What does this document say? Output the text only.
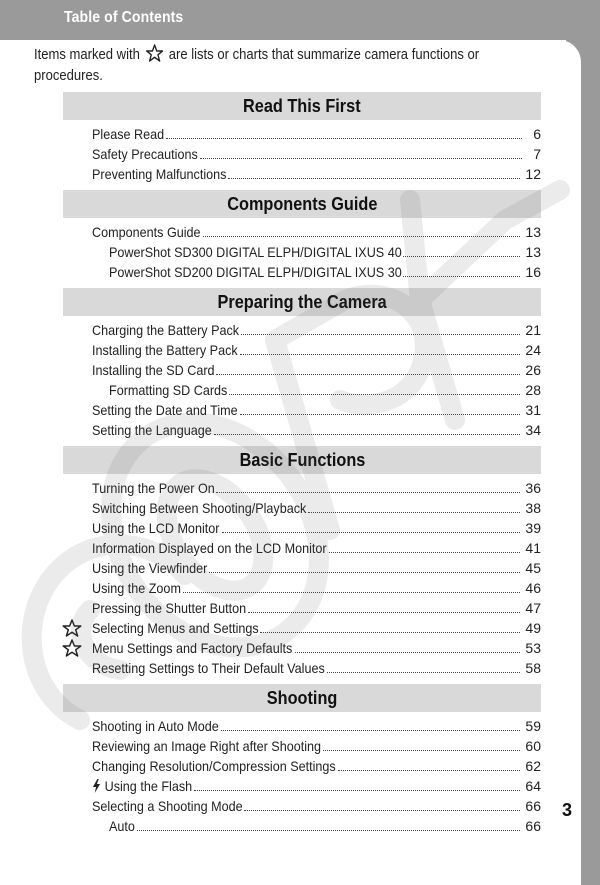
Table of Contents
Items marked with are lists or charts that summarize camera functions or procedures.
Read This First
Please Read	6
Safety Precautions	7
Preventing Malfunctions	12
Components Guide
Components Guide	13
PowerShot SD300 DIGITAL ELPH/DIGITAL IXUS 40	13
PowerShot SD200 DIGITAL ELPH/DIGITAL IXUS 30	16
Preparing the Camera
Charging the Battery Pack	21
Installing the Battery Pack	24
Installing the SD Card	26
Formatting SD Cards	28
Setting the Date and Time	31
Setting the Language	34
Basic Functions
Turning the Power On	36
Switching Between Shooting/Playback	38
Using the LCD Monitor	39
Information Displayed on the LCD Monitor	41
Using the Viewfinder	45
Using the Zoom	46
Pressing the Shutter Button	47
Selecting Menus and Settings	49
Menu Settings and Factory Defaults	53
Resetting Settings to Their Default Values	58
Shooting
Shooting in Auto Mode	59
Reviewing an Image Right after Shooting	60
Changing Resolution/Compression Settings	62
Using the Flash	64
Selecting a Shooting Mode	66
Auto	66
3
